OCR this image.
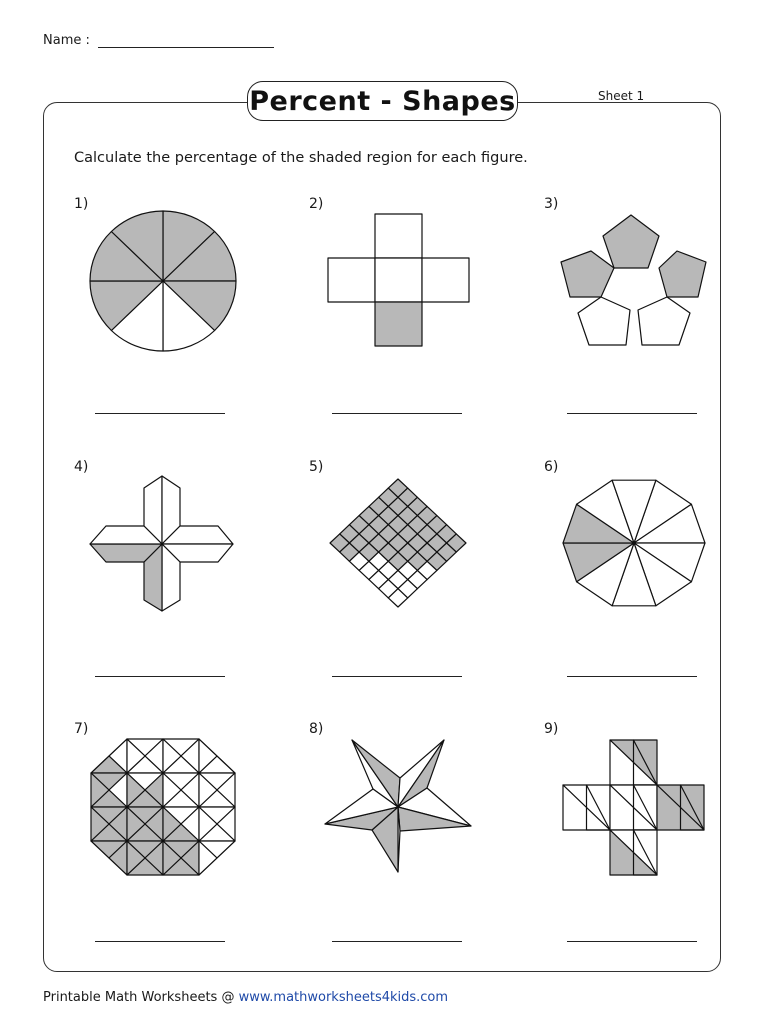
Name :
Percent - Shapes	Sheet 1
Calculate the percentage of the shaded region for each figure.
1)	2)	3)
4)	5)	6)
7)	8)	9)
Printable Math Worksheets @ www.mathworksheets4kids.com
